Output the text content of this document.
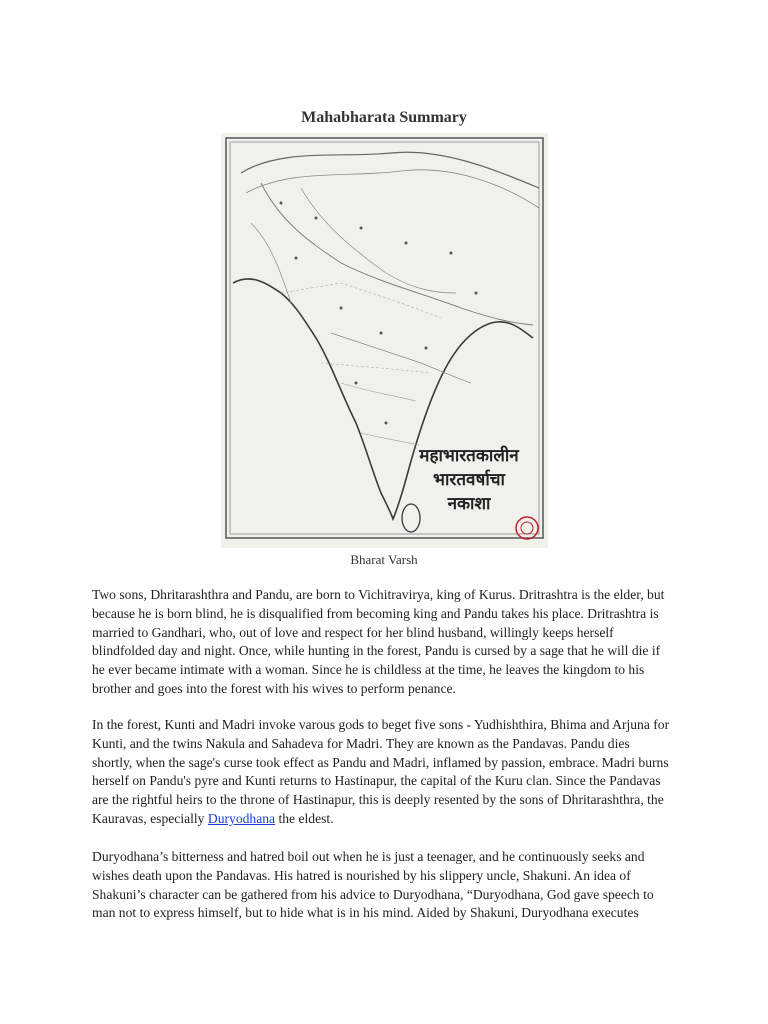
Mahabharata Summary
महाभारतकालीन
भारतवर्षाचा
नकाशा
Bharat Varsh

Two sons, Dhritarashthra and Pandu, are born to Vichitravirya, king of Kurus. Dritrashtra is the elder, but because he is born blind, he is disqualified from becoming king and Pandu takes his place. Dritrashtra is married to Gandhari, who, out of love and respect for her blind husband, willingly keeps herself blindfolded day and night. Once, while hunting in the forest, Pandu is cursed by a sage that he will die if he ever became intimate with a woman. Since he is childless at the time, he leaves the kingdom to his brother and goes into the forest with his wives to perform penance.

In the forest, Kunti and Madri invoke varous gods to beget five sons - Yudhishthira, Bhima and Arjuna for Kunti, and the twins Nakula and Sahadeva for Madri. They are known as the Pandavas. Pandu dies shortly, when the sage's curse took effect as Pandu and Madri, inflamed by passion, embrace. Madri burns herself on Pandu's pyre and Kunti returns to Hastinapur, the capital of the Kuru clan. Since the Pandavas are the rightful heirs to the throne of Hastinapur, this is deeply resented by the sons of Dhritarashthra, the Kauravas, especially Duryodhana the eldest.

Duryodhana’s bitterness and hatred boil out when he is just a teenager, and he continuously seeks and wishes death upon the Pandavas. His hatred is nourished by his slippery uncle, Shakuni. An idea of Shakuni’s character can be gathered from his advice to Duryodhana, “Duryodhana, God gave speech to man not to express himself, but to hide what is in his mind. Aided by Shakuni, Duryodhana executes
